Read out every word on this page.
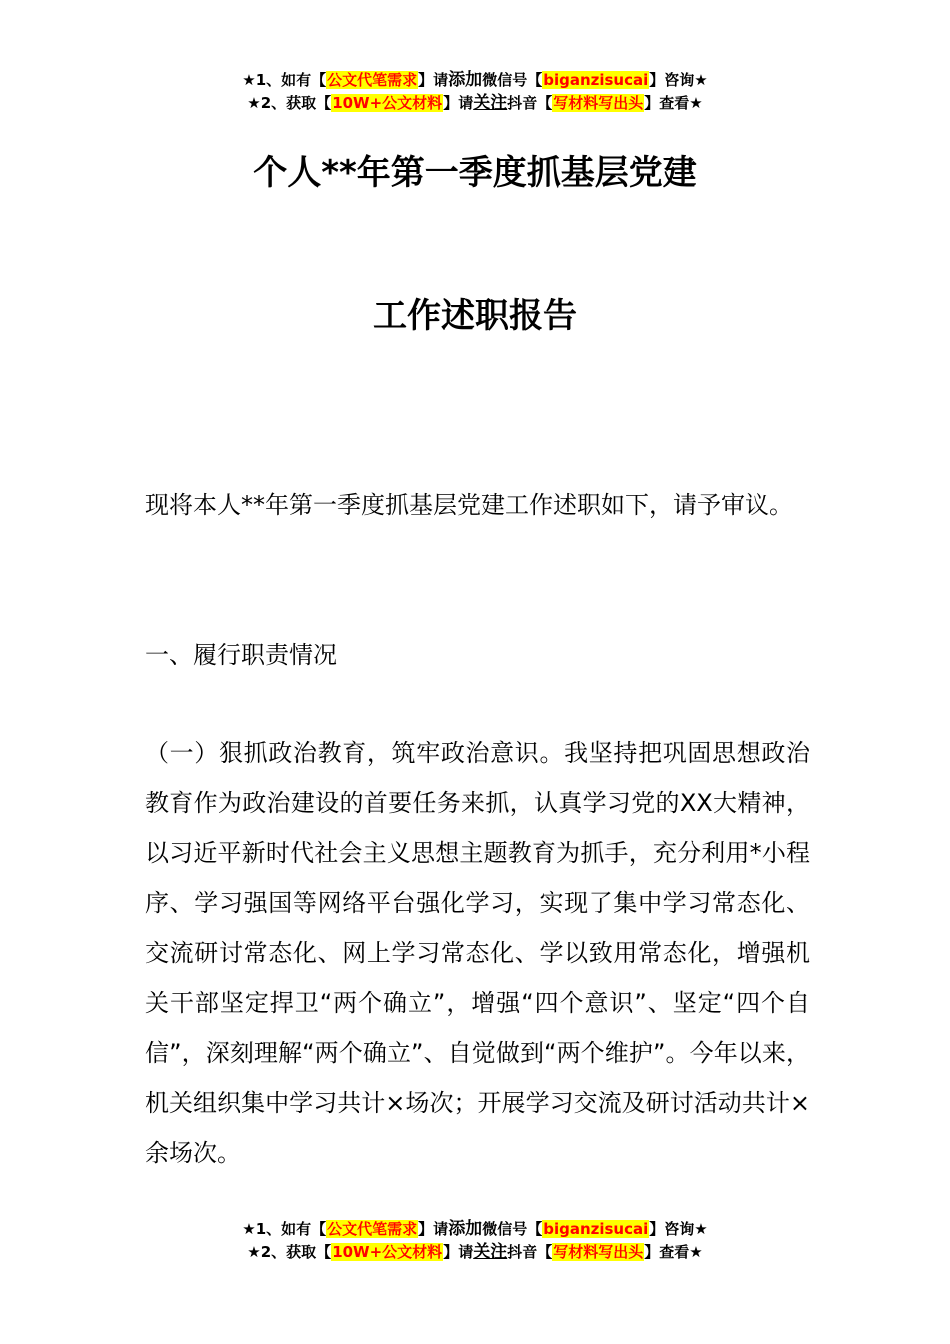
★1、如有【公文代笔需求】请添加微信号【biganzisucai】咨询★
★2、获取【10W+公文材料】请关注抖音【写材料写出头】查看★
个人**年第一季度抓基层党建
工作述职报告

现将本人**年第一季度抓基层党建工作述职如下，请予审议。

一、履行职责情况

（一）狠抓政治教育，筑牢政治意识。我坚持把巩固思想政治教育作为政治建设的首要任务来抓，认真学习党的XX大精神，以习近平新时代社会主义思想主题教育为抓手，充分利用*小程序、学习强国等网络平台强化学习，实现了集中学习常态化、交流研讨常态化、网上学习常态化、学以致用常态化，增强机关干部坚定捍卫“两个确立”，增强“四个意识”、坚定“四个自信”，深刻理解“两个确立”、自觉做到“两个维护”。今年以来，机关组织集中学习共计×场次；开展学习交流及研讨活动共计×余场次。

★1、如有【公文代笔需求】请添加微信号【biganzisucai】咨询★
★2、获取【10W+公文材料】请关注抖音【写材料写出头】查看★
